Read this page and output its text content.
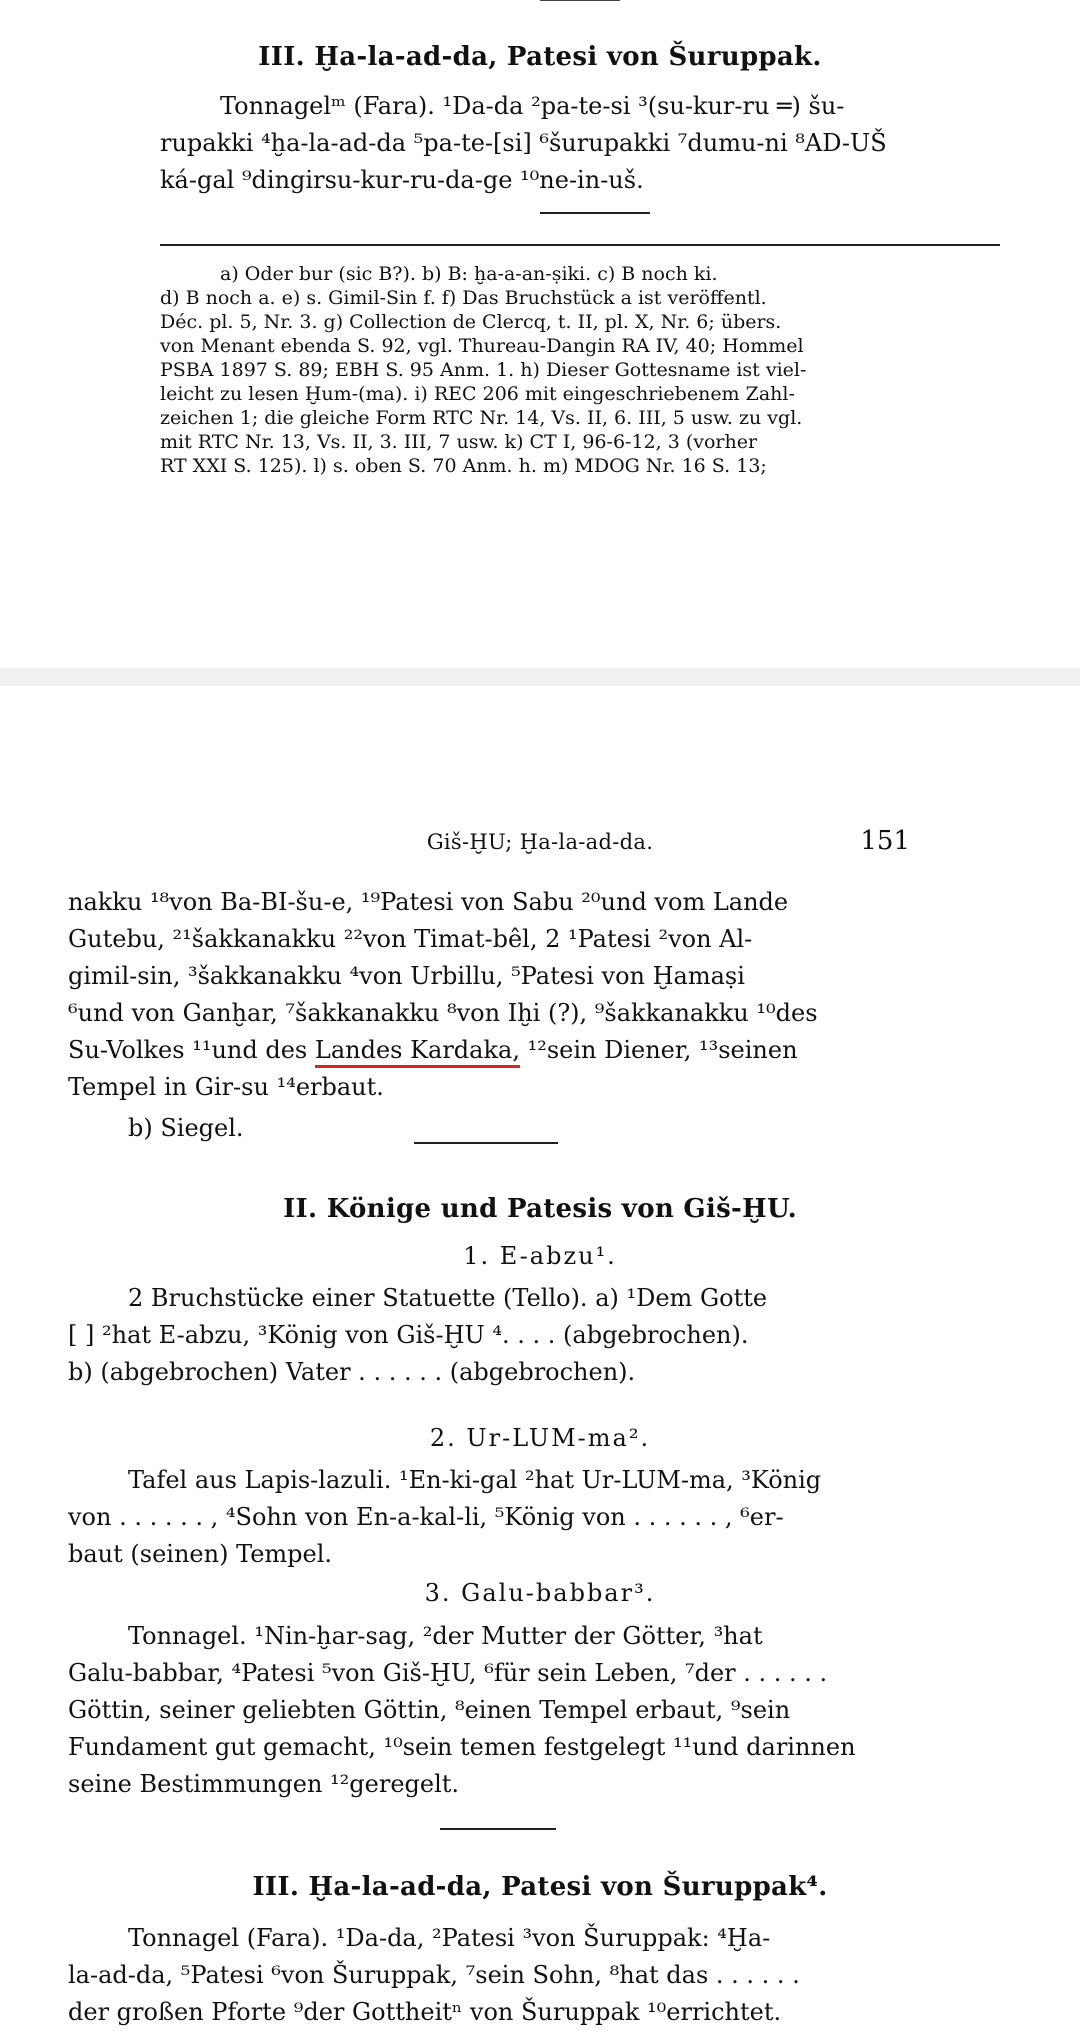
III. Ḫa-la-ad-da, Patesi von Šuruppak.
Tonnagelᵐ (Fara). ¹Da-da ²pa-te-si ³(su-kur-ru ═) šu-
rupakki ⁴ḫa-la-ad-da ⁵pa-te-[si] ⁶šurupakki ⁷dumu-ni ⁸AD-UŠ
ká-gal ⁹dingirsu-kur-ru-da-ge ¹⁰ne-in-uš.
a) Oder bur (sic B?). b) B: ḫa-a-an-ṣiki. c) B noch ki.
d) B noch a. e) s. Gimil-Sin f. f) Das Bruchstück a ist veröffentl.
Déc. pl. 5, Nr. 3. g) Collection de Clercq, t. II, pl. X, Nr. 6; übers.
von Menant ebenda S. 92, vgl. Thureau-Dangin RA IV, 40; Hommel
PSBA 1897 S. 89; EBH S. 95 Anm. 1. h) Dieser Gottesname ist viel-
leicht zu lesen Ḫum-(ma). i) REC 206 mit eingeschriebenem Zahl-
zeichen 1; die gleiche Form RTC Nr. 14, Vs. II, 6. III, 5 usw. zu vgl.
mit RTC Nr. 13, Vs. II, 3. III, 7 usw. k) CT I, 96-6-12, 3 (vorher
RT XXI S. 125). l) s. oben S. 70 Anm. h. m) MDOG Nr. 16 S. 13;
Giš-ḪU; Ḫa-la-ad-da.	151
nakku ¹⁸von Ba-BI-šu-e, ¹⁹Patesi von Sabu ²⁰und vom Lande
Gutebu, ²¹šakkanakku ²²von Timat-bêl, 2 ¹Patesi ²von Al-
gimil-sin, ³šakkanakku ⁴von Urbillu, ⁵Patesi von Ḫamaṣi
⁶und von Ganḫar, ⁷šakkanakku ⁸von Iḫi (?), ⁹šakkanakku ¹⁰des
Su-Volkes ¹¹und des Landes Kardaka, ¹²sein Diener, ¹³seinen
Tempel in Gir-su ¹⁴erbaut.
b) Siegel.
II. Könige und Patesis von Giš-ḪU.
1. E-abzu¹.
2 Bruchstücke einer Statuette (Tello). a) ¹Dem Gotte
[ ] ²hat E-abzu, ³König von Giš-ḪU ⁴. . . . (abgebrochen).
b) (abgebrochen) Vater . . . . . . (abgebrochen).
2. Ur-LUM-ma².
Tafel aus Lapis-lazuli. ¹En-ki-gal ²hat Ur-LUM-ma, ³König
von . . . . . . , ⁴Sohn von En-a-kal-li, ⁵König von . . . . . . , ⁶er-
baut (seinen) Tempel.
3. Galu-babbar³.
Tonnagel. ¹Nin-ḫar-sag, ²der Mutter der Götter, ³hat
Galu-babbar, ⁴Patesi ⁵von Giš-ḪU, ⁶für sein Leben, ⁷der . . . . . .
Göttin, seiner geliebten Göttin, ⁸einen Tempel erbaut, ⁹sein
Fundament gut gemacht, ¹⁰sein temen festgelegt ¹¹und darinnen
seine Bestimmungen ¹²geregelt.
III. Ḫa-la-ad-da, Patesi von Šuruppak⁴.
Tonnagel (Fara). ¹Da-da, ²Patesi ³von Šuruppak: ⁴Ḫa-
la-ad-da, ⁵Patesi ⁶von Šuruppak, ⁷sein Sohn, ⁸hat das . . . . . .
der großen Pforte ⁹der Gottheitⁿ von Šuruppak ¹⁰errichtet.
